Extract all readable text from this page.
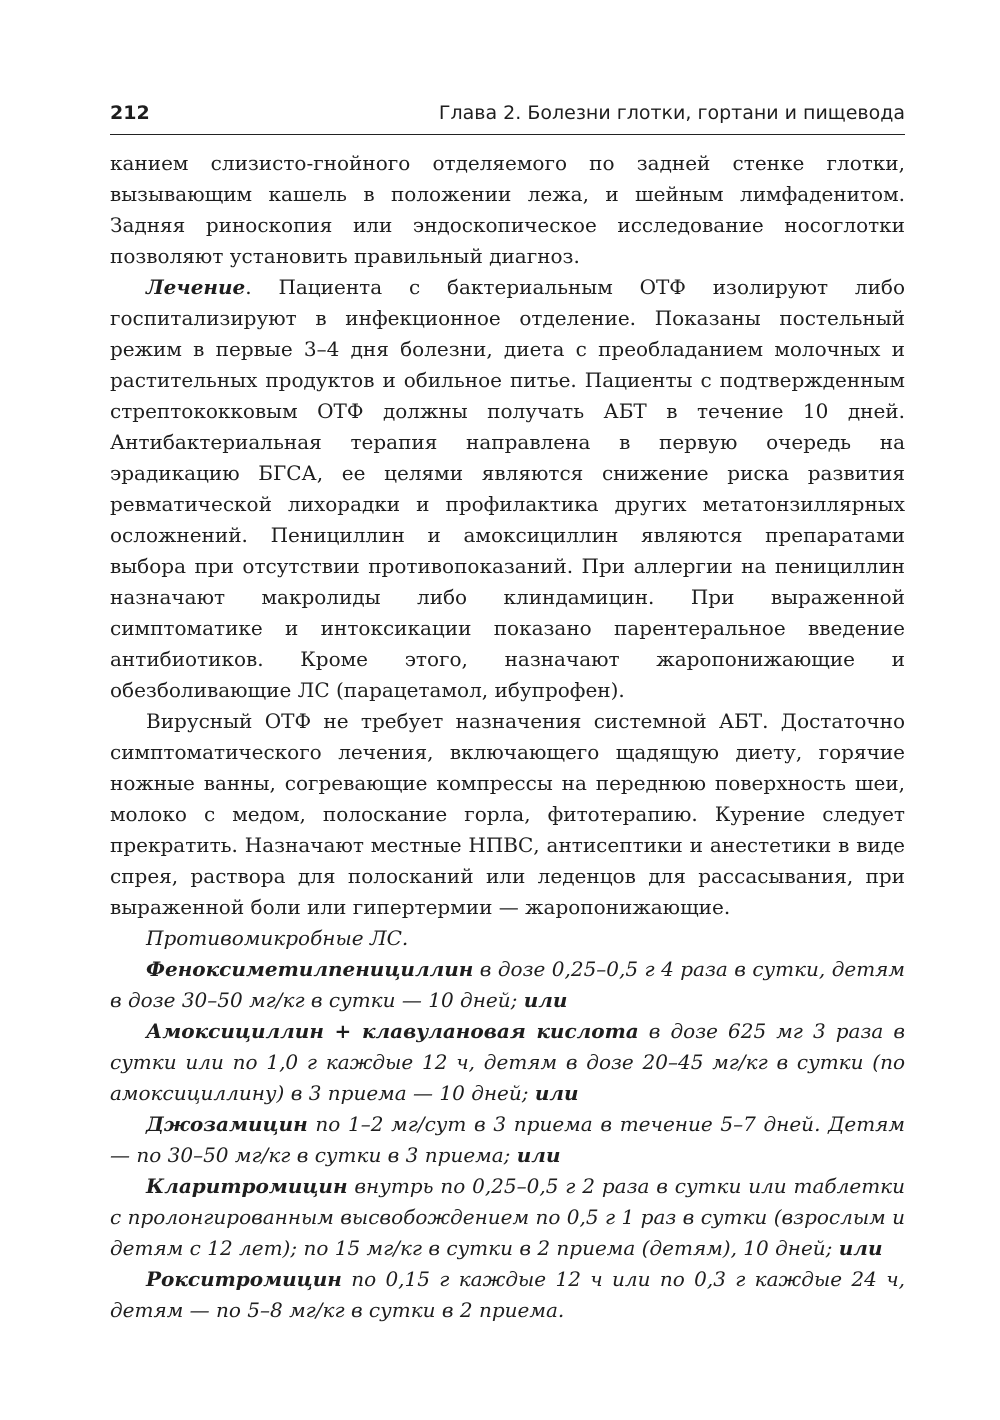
212	Глава 2. Болезни глотки, гортани и пищевода

канием слизисто-гнойного отделяемого по задней стенке глотки, вызывающим кашель в положении лежа, и шейным лимфаденитом. Задняя риноскопия или эндоскопическое исследование носоглотки позволяют установить правильный диагноз.

Лечение. Пациента с бактериальным ОТФ изолируют либо госпитализируют в инфекционное отделение. Показаны постельный режим в первые 3–4 дня болезни, диета с преобладанием молочных и растительных продуктов и обильное питье. Пациенты с подтвержденным стрептококковым ОТФ должны получать АБТ в течение 10 дней. Антибактериальная терапия направлена в первую очередь на эрадикацию БГСА, ее целями являются снижение риска развития ревматической лихорадки и профилактика других метатонзиллярных осложнений. Пенициллин и амоксициллин являются препаратами выбора при отсутствии противопоказаний. При аллергии на пенициллин назначают макролиды либо клиндамицин. При выраженной симптоматике и интоксикации показано парентеральное введение антибиотиков. Кроме этого, назначают жаропонижающие и обезболивающие ЛС (парацетамол, ибупрофен).

Вирусный ОТФ не требует назначения системной АБТ. Достаточно симптоматического лечения, включающего щадящую диету, горячие ножные ванны, согревающие компрессы на переднюю поверхность шеи, молоко с медом, полоскание горла, фитотерапию. Курение следует прекратить. Назначают местные НПВС, антисептики и анестетики в виде спрея, раствора для полосканий или леденцов для рассасывания, при выраженной боли или гипертермии — жаропонижающие.

Противомикробные ЛС.

Феноксиметилпенициллин в дозе 0,25–0,5 г 4 раза в сутки, детям в дозе 30–50 мг/кг в сутки — 10 дней; или

Амоксициллин + клавулановая кислота в дозе 625 мг 3 раза в сутки или по 1,0 г каждые 12 ч, детям в дозе 20–45 мг/кг в сутки (по амоксициллину) в 3 приема — 10 дней; или

Джозамицин по 1–2 мг/сут в 3 приема в течение 5–7 дней. Детям — по 30–50 мг/кг в сутки в 3 приема; или

Кларитромицин внутрь по 0,25–0,5 г 2 раза в сутки или таблетки с пролонгированным высвобождением по 0,5 г 1 раз в сутки (взрослым и детям с 12 лет); по 15 мг/кг в сутки в 2 приема (детям), 10 дней; или

Рокситромицин по 0,15 г каждые 12 ч или по 0,3 г каждые 24 ч, детям — по 5–8 мг/кг в сутки в 2 приема.
